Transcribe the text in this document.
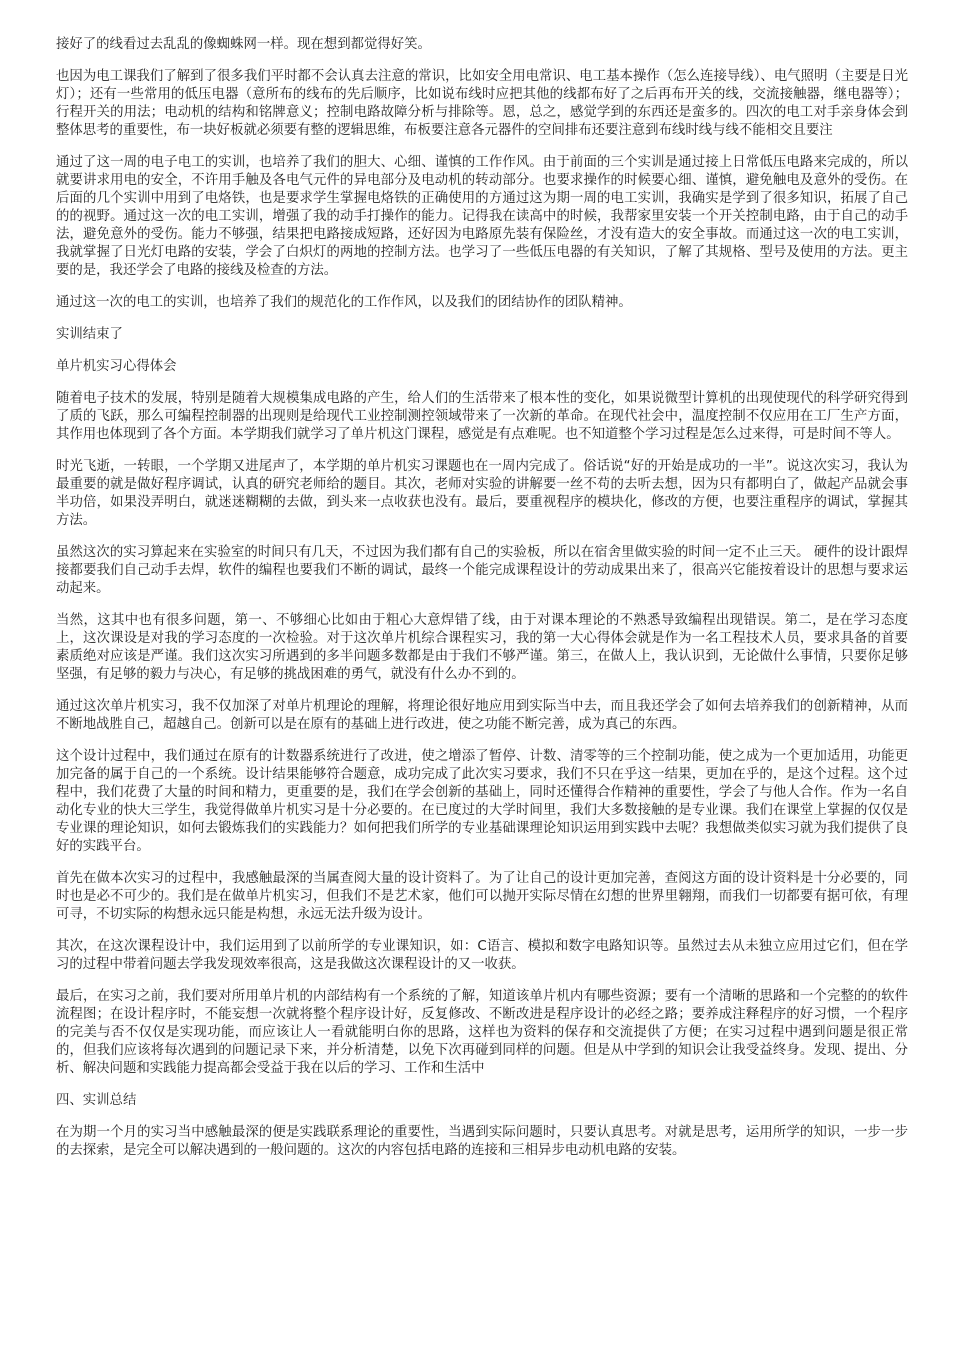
接好了的线看过去乱乱的像蜘蛛网一样。现在想到都觉得好笑。

也因为电工课我们了解到了很多我们平时都不会认真去注意的常识，比如安全用电常识、电工基本操作（怎么连接导线）、电气照明（主要是日光灯）；还有一些常用的低压电器（意所布的线布的先后顺序，比如说布线时应把其他的线都布好了之后再布开关的线，交流接触器，继电器等）；行程开关的用法；电动机的结构和铭牌意义；控制电路故障分析与排除等。恩，总之，感觉学到的东西还是蛮多的。四次的电工对手亲身体会到整体思考的重要性，布一块好板就必须要有整的逻辑思维，布板要注意各元器件的空间排布还要注意到布线时线与线不能相交且要注

通过了这一周的电子电工的实训，也培养了我们的胆大、心细、谨慎的工作作风。由于前面的三个实训是通过接上日常低压电路来完成的，所以就要讲求用电的安全，不许用手触及各电气元件的异电部分及电动机的转动部分。也要求操作的时候要心细、谨慎，避免触电及意外的受伤。在后面的几个实训中用到了电烙铁，也是要求学生掌握电烙铁的正确使用的方通过这为期一周的电工实训，我确实是学到了很多知识，拓展了自己的的视野。通过这一次的电工实训，增强了我的动手打操作的能力。记得我在读高中的时候，我帮家里安装一个开关控制电路，由于自己的动手法，避免意外的受伤。能力不够强，结果把电路接成短路，还好因为电路原先装有保险丝，才没有造大的安全事故。而通过这一次的电工实训，我就掌握了日光灯电路的安装，学会了白炽灯的两地的控制方法。也学习了一些低压电器的有关知识，了解了其规格、型号及使用的方法。更主要的是，我还学会了电路的接线及检查的方法。

通过这一次的电工的实训，也培养了我们的规范化的工作作风，以及我们的团结协作的团队精神。

实训结束了

单片机实习心得体会

随着电子技术的发展，特别是随着大规模集成电路的产生，给人们的生活带来了根本性的变化，如果说微型计算机的出现使现代的科学研究得到了质的飞跃，那么可编程控制器的出现则是给现代工业控制测控领域带来了一次新的革命。在现代社会中，温度控制不仅应用在工厂生产方面，其作用也体现到了各个方面。本学期我们就学习了单片机这门课程，感觉是有点难呢。也不知道整个学习过程是怎么过来得，可是时间不等人。

时光飞逝，一转眼，一个学期又进尾声了，本学期的单片机实习课题也在一周内完成了。俗话说“好的开始是成功的一半”。说这次实习，我认为最重要的就是做好程序调试，认真的研究老师给的题目。其次，老师对实验的讲解要一丝不苟的去听去想，因为只有都明白了，做起产品就会事半功倍，如果没弄明白，就迷迷糊糊的去做，到头来一点收获也没有。最后，要重视程序的模块化，修改的方便，也要注重程序的调试，掌握其方法。

虽然这次的实习算起来在实验室的时间只有几天，不过因为我们都有自己的实验板，所以在宿舍里做实验的时间一定不止三天。 硬件的设计跟焊接都要我们自己动手去焊，软件的编程也要我们不断的调试，最终一个能完成课程设计的劳动成果出来了，很高兴它能按着设计的思想与要求运动起来。

当然，这其中也有很多问题，第一、不够细心比如由于粗心大意焊错了线，由于对课本理论的不熟悉导致编程出现错误。第二，是在学习态度上，这次课设是对我的学习态度的一次检验。对于这次单片机综合课程实习，我的第一大心得体会就是作为一名工程技术人员，要求具备的首要素质绝对应该是严谨。我们这次实习所遇到的多半问题多数都是由于我们不够严谨。第三，在做人上，我认识到，无论做什么事情，只要你足够坚强，有足够的毅力与决心，有足够的挑战困难的勇气，就没有什么办不到的。

通过这次单片机实习，我不仅加深了对单片机理论的理解，将理论很好地应用到实际当中去，而且我还学会了如何去培养我们的创新精神，从而不断地战胜自己，超越自己。创新可以是在原有的基础上进行改进，使之功能不断完善，成为真己的东西。

这个设计过程中，我们通过在原有的计数器系统进行了改进，使之增添了暂停、计数、清零等的三个控制功能，使之成为一个更加适用，功能更加完备的属于自己的一个系统。设计结果能够符合题意，成功完成了此次实习要求，我们不只在乎这一结果，更加在乎的，是这个过程。这个过程中，我们花费了大量的时间和精力，更重要的是，我们在学会创新的基础上，同时还懂得合作精神的重要性，学会了与他人合作。作为一名自动化专业的快大三学生，我觉得做单片机实习是十分必要的。在已度过的大学时间里，我们大多数接触的是专业课。我们在课堂上掌握的仅仅是专业课的理论知识，如何去锻炼我们的实践能力？如何把我们所学的专业基础课理论知识运用到实践中去呢？我想做类似实习就为我们提供了良好的实践平台。

首先在做本次实习的过程中，我感触最深的当属查阅大量的设计资料了。为了让自己的设计更加完善，查阅这方面的设计资料是十分必要的，同时也是必不可少的。我们是在做单片机实习，但我们不是艺术家，他们可以抛开实际尽情在幻想的世界里翱翔，而我们一切都要有据可依，有理可寻，不切实际的构想永远只能是构想，永远无法升级为设计。

其次，在这次课程设计中，我们运用到了以前所学的专业课知识，如：C语言、模拟和数字电路知识等。虽然过去从未独立应用过它们，但在学习的过程中带着问题去学我发现效率很高，这是我做这次课程设计的又一收获。

最后，在实习之前，我们要对所用单片机的内部结构有一个系统的了解，知道该单片机内有哪些资源；要有一个清晰的思路和一个完整的的软件流程图；在设计程序时，不能妄想一次就将整个程序设计好，反复修改、不断改进是程序设计的必经之路；要养成注释程序的好习惯，一个程序的完美与否不仅仅是实现功能，而应该让人一看就能明白你的思路，这样也为资料的保存和交流提供了方便；在实习过程中遇到问题是很正常的，但我们应该将每次遇到的问题记录下来，并分析清楚，以免下次再碰到同样的问题。但是从中学到的知识会让我受益终身。发现、提出、分析、解决问题和实践能力提高都会受益于我在以后的学习、工作和生活中

四、实训总结

在为期一个月的实习当中感触最深的便是实践联系理论的重要性，当遇到实际问题时，只要认真思考。对就是思考，运用所学的知识，一步一步的去探索，是完全可以解决遇到的一般问题的。这次的内容包括电路的连接和三相异步电动机电路的安装。
